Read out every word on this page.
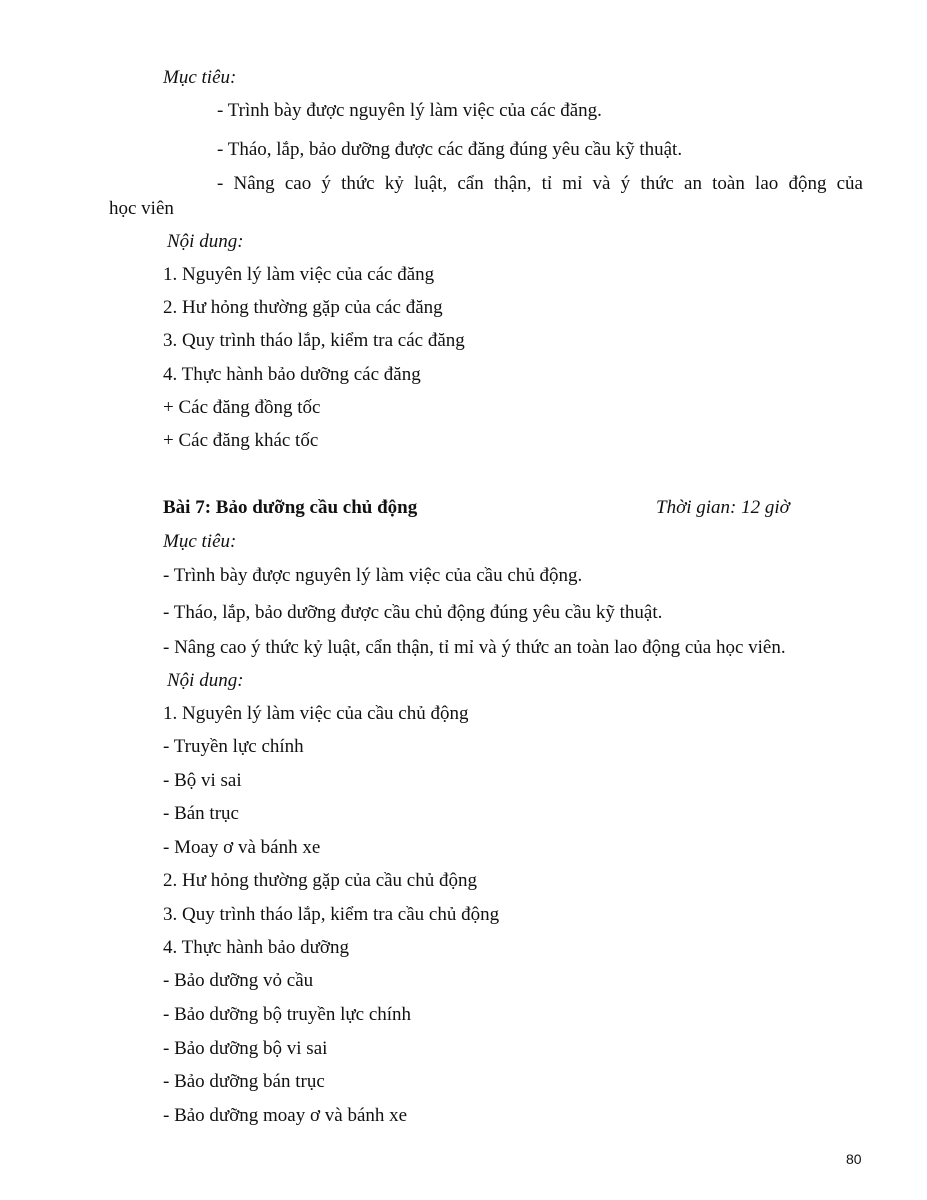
Mục tiêu:
- Trình bày được nguyên lý làm việc của các đăng.
- Tháo, lắp, bảo dưỡng được các đăng đúng yêu cầu kỹ thuật.
- Nâng cao ý thức kỷ luật, cẩn thận, tỉ mỉ và ý thức an toàn lao động của
học viên
Nội dung:
1. Nguyên lý làm việc của các đăng
2. Hư hỏng thường gặp của các đăng
3. Quy trình tháo lắp, kiểm tra các đăng
4. Thực hành bảo dưỡng các đăng
+ Các đăng đồng tốc
+ Các đăng khác tốc
Bài 7: Bảo dưỡng cầu chủ động	Thời gian: 12 giờ
Mục tiêu:
- Trình bày được nguyên lý làm việc của cầu chủ động.
- Tháo, lắp, bảo dưỡng được cầu chủ động đúng yêu cầu kỹ thuật.
- Nâng cao ý thức kỷ luật, cẩn thận, tỉ mỉ và ý thức an toàn lao động của học viên.
Nội dung:
1. Nguyên lý làm việc của cầu chủ động
- Truyền lực chính
- Bộ vi sai
- Bán trục
- Moay ơ và bánh xe
2. Hư hỏng thường gặp của cầu chủ động
3. Quy trình tháo lắp, kiểm tra cầu chủ động
4. Thực hành bảo dưỡng
- Bảo dưỡng vỏ cầu
- Bảo dưỡng bộ truyền lực chính
- Bảo dưỡng bộ vi sai
- Bảo dưỡng bán trục
- Bảo dưỡng moay ơ và bánh xe
80
